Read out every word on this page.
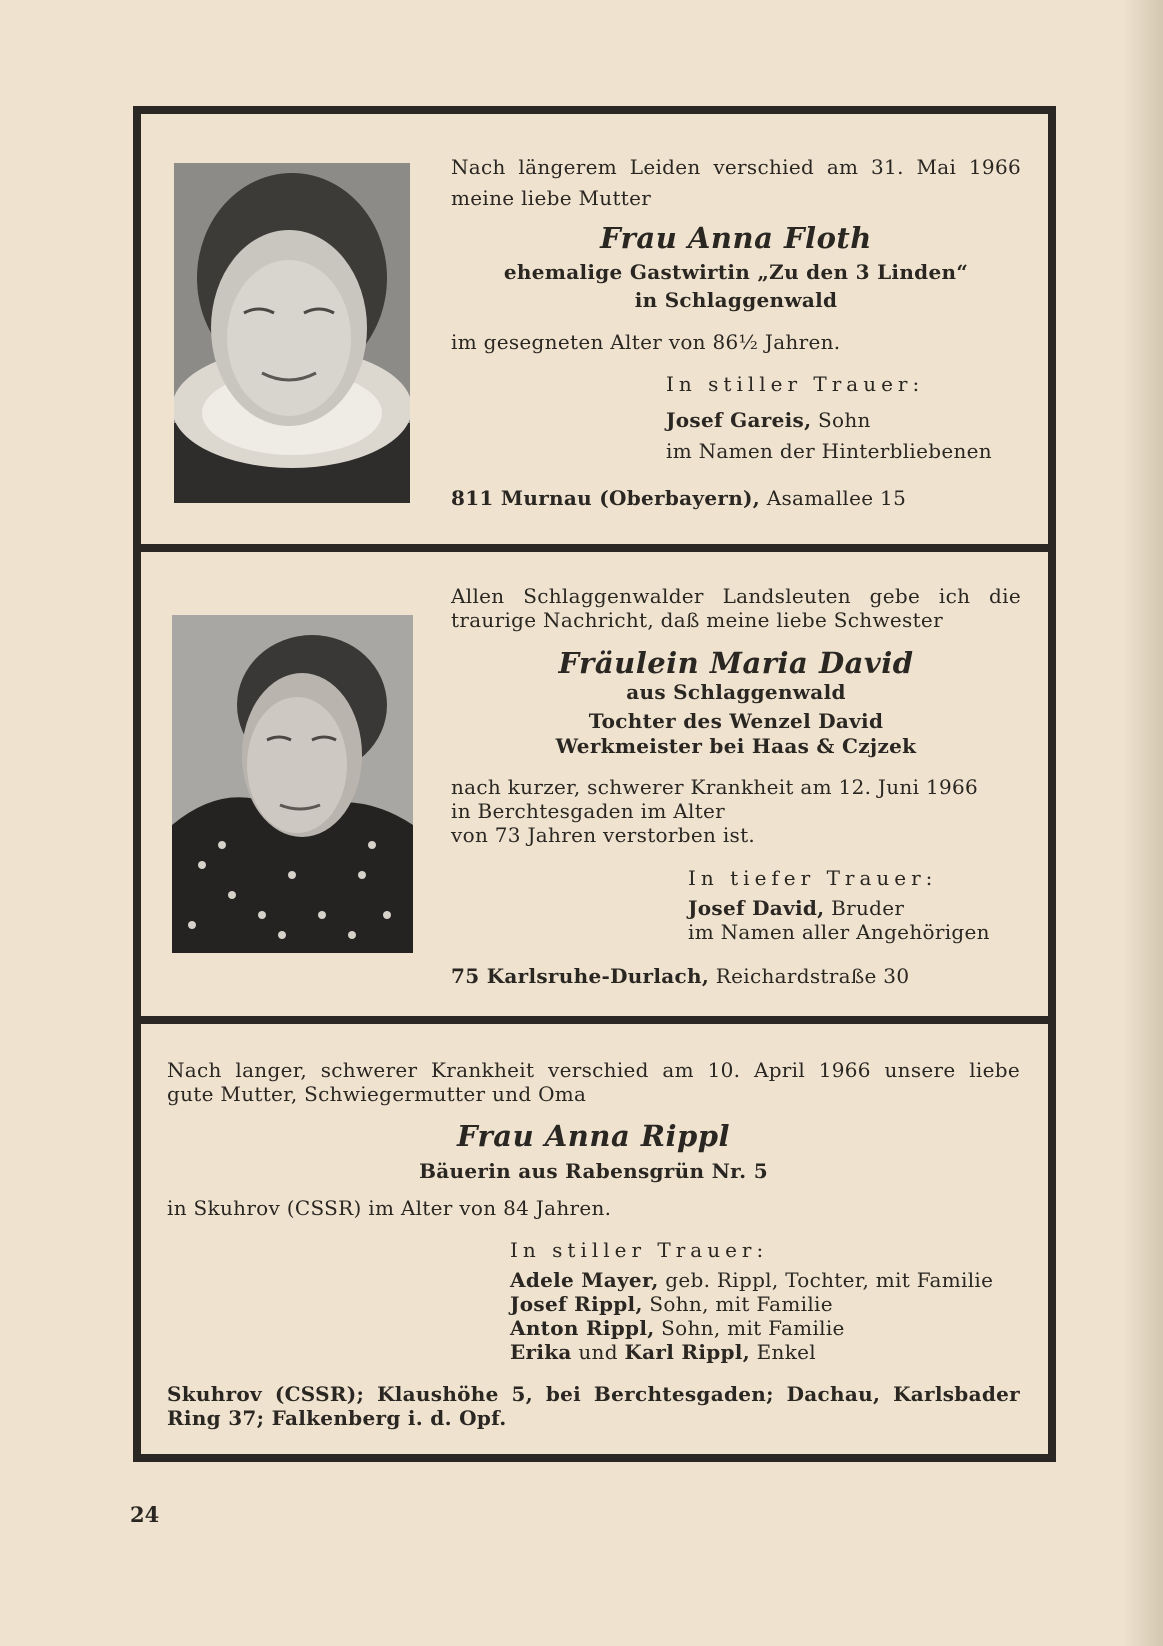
Nach längerem Leiden verschied am 31. Mai 1966
meine liebe Mutter
Frau Anna Floth
ehemalige Gastwirtin „Zu den 3 Linden“
in Schlaggenwald
im gesegneten Alter von 86½ Jahren.
In stiller Trauer:
Josef Gareis, Sohn
im Namen der Hinterbliebenen
811 Murnau (Oberbayern), Asamallee 15
Allen Schlaggenwalder Landsleuten gebe ich die
traurige Nachricht, daß meine liebe Schwester
Fräulein Maria David
aus Schlaggenwald
Tochter des Wenzel David
Werkmeister bei Haas & Czjzek
nach kurzer, schwerer Krankheit am 12. Juni 1966
in Berchtesgaden im Alter
von 73 Jahren verstorben ist.
In tiefer Trauer:
Josef David, Bruder
im Namen aller Angehörigen
75 Karlsruhe-Durlach, Reichardstraße 30
Nach langer, schwerer Krankheit verschied am 10. April 1966 unsere liebe
gute Mutter, Schwiegermutter und Oma
Frau Anna Rippl
Bäuerin aus Rabensgrün Nr. 5
in Skuhrov (CSSR) im Alter von 84 Jahren.
In stiller Trauer:
Adele Mayer, geb. Rippl, Tochter, mit Familie
Josef Rippl, Sohn, mit Familie
Anton Rippl, Sohn, mit Familie
Erika und Karl Rippl, Enkel
Skuhrov (CSSR); Klaushöhe 5, bei Berchtesgaden; Dachau, Karlsbader
Ring 37; Falkenberg i. d. Opf.
24
